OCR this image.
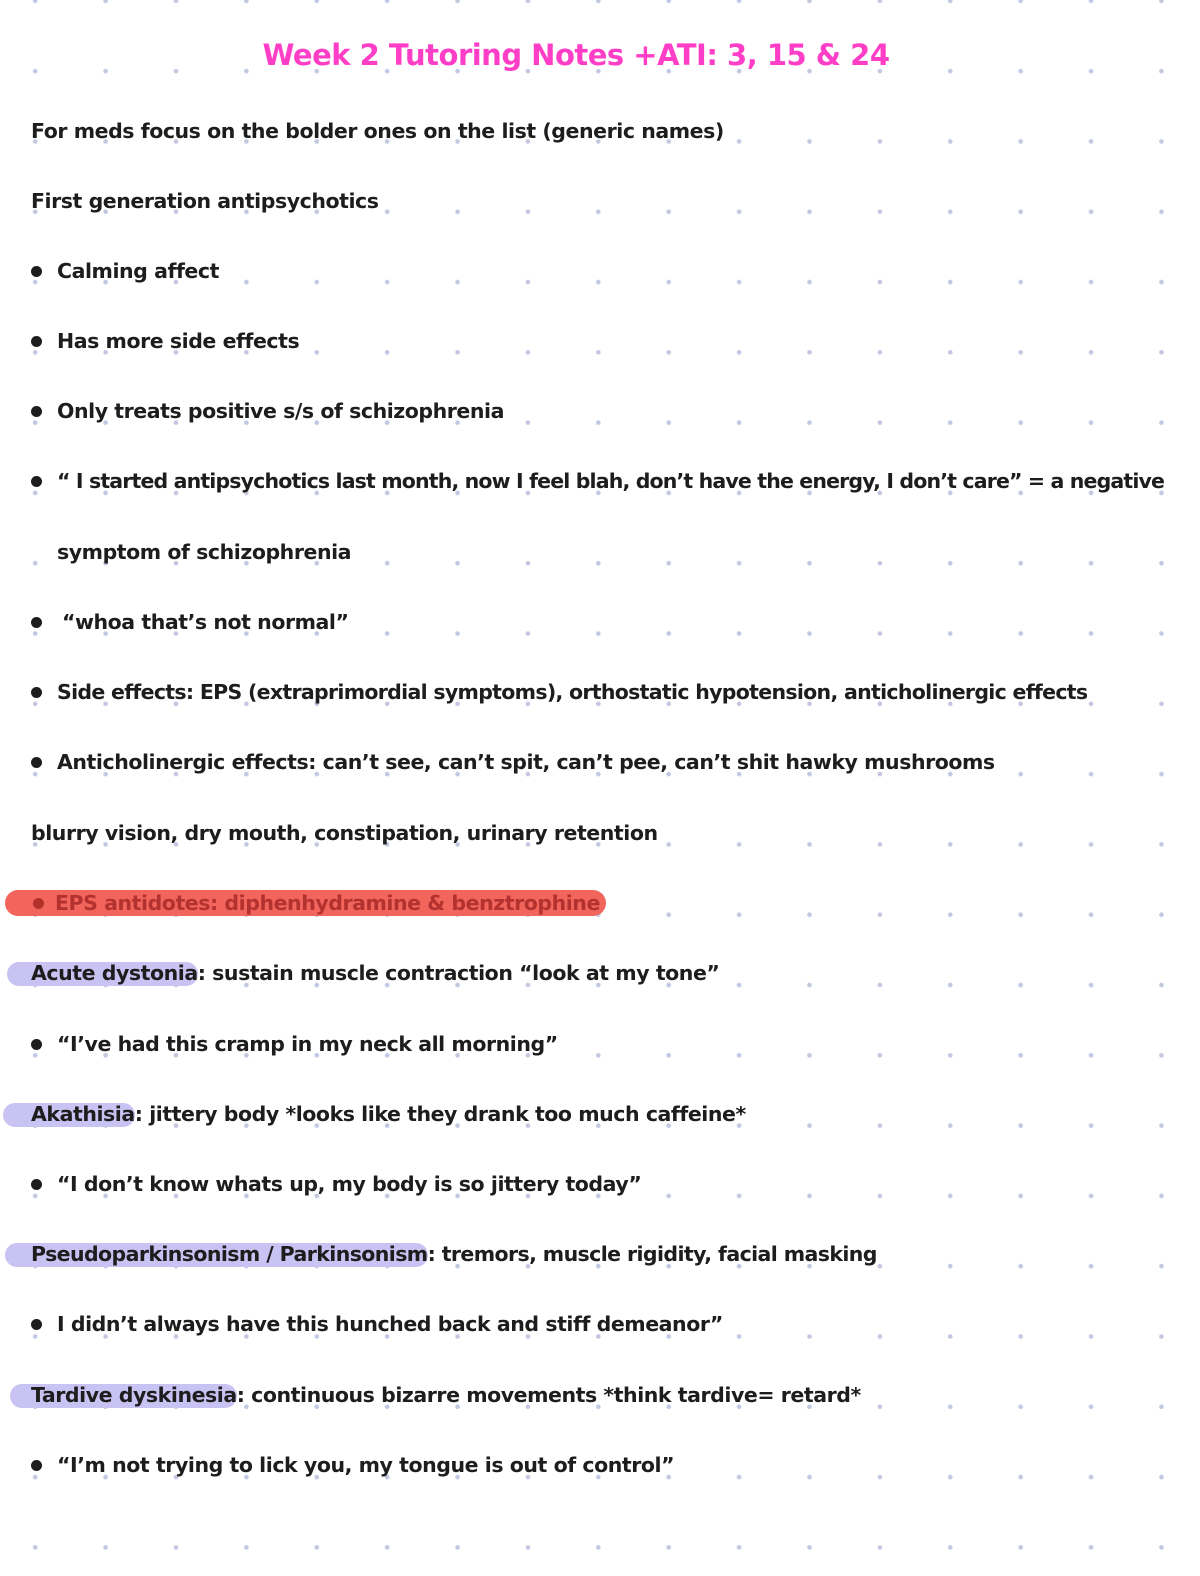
Week 2 Tutoring Notes +ATI: 3, 15 & 24
For meds focus on the bolder ones on the list (generic names)
First generation antipsychotics
Calming affect
Has more side effects
Only treats positive s/s of schizophrenia
“ I started antipsychotics last month, now I feel blah, don’t have the energy, I don’t care” = a negative
symptom of schizophrenia
“whoa that’s not normal”
Side effects: EPS (extraprimordial symptoms), orthostatic hypotension, anticholinergic effects
Anticholinergic effects: can’t see, can’t spit, can’t pee, can’t shit hawky mushrooms
blurry vision, dry mouth, constipation, urinary retention
EPS antidotes: diphenhydramine & benztrophine
Acute dystonia: sustain muscle contraction “look at my tone”
“I’ve had this cramp in my neck all morning”
Akathisia: jittery body *looks like they drank too much caffeine*
“I don’t know whats up, my body is so jittery today”
Pseudoparkinsonism / Parkinsonism: tremors, muscle rigidity, facial masking
I didn’t always have this hunched back and stiff demeanor”
Tardive dyskinesia: continuous bizarre movements *think tardive= retard*
“I’m not trying to lick you, my tongue is out of control”
